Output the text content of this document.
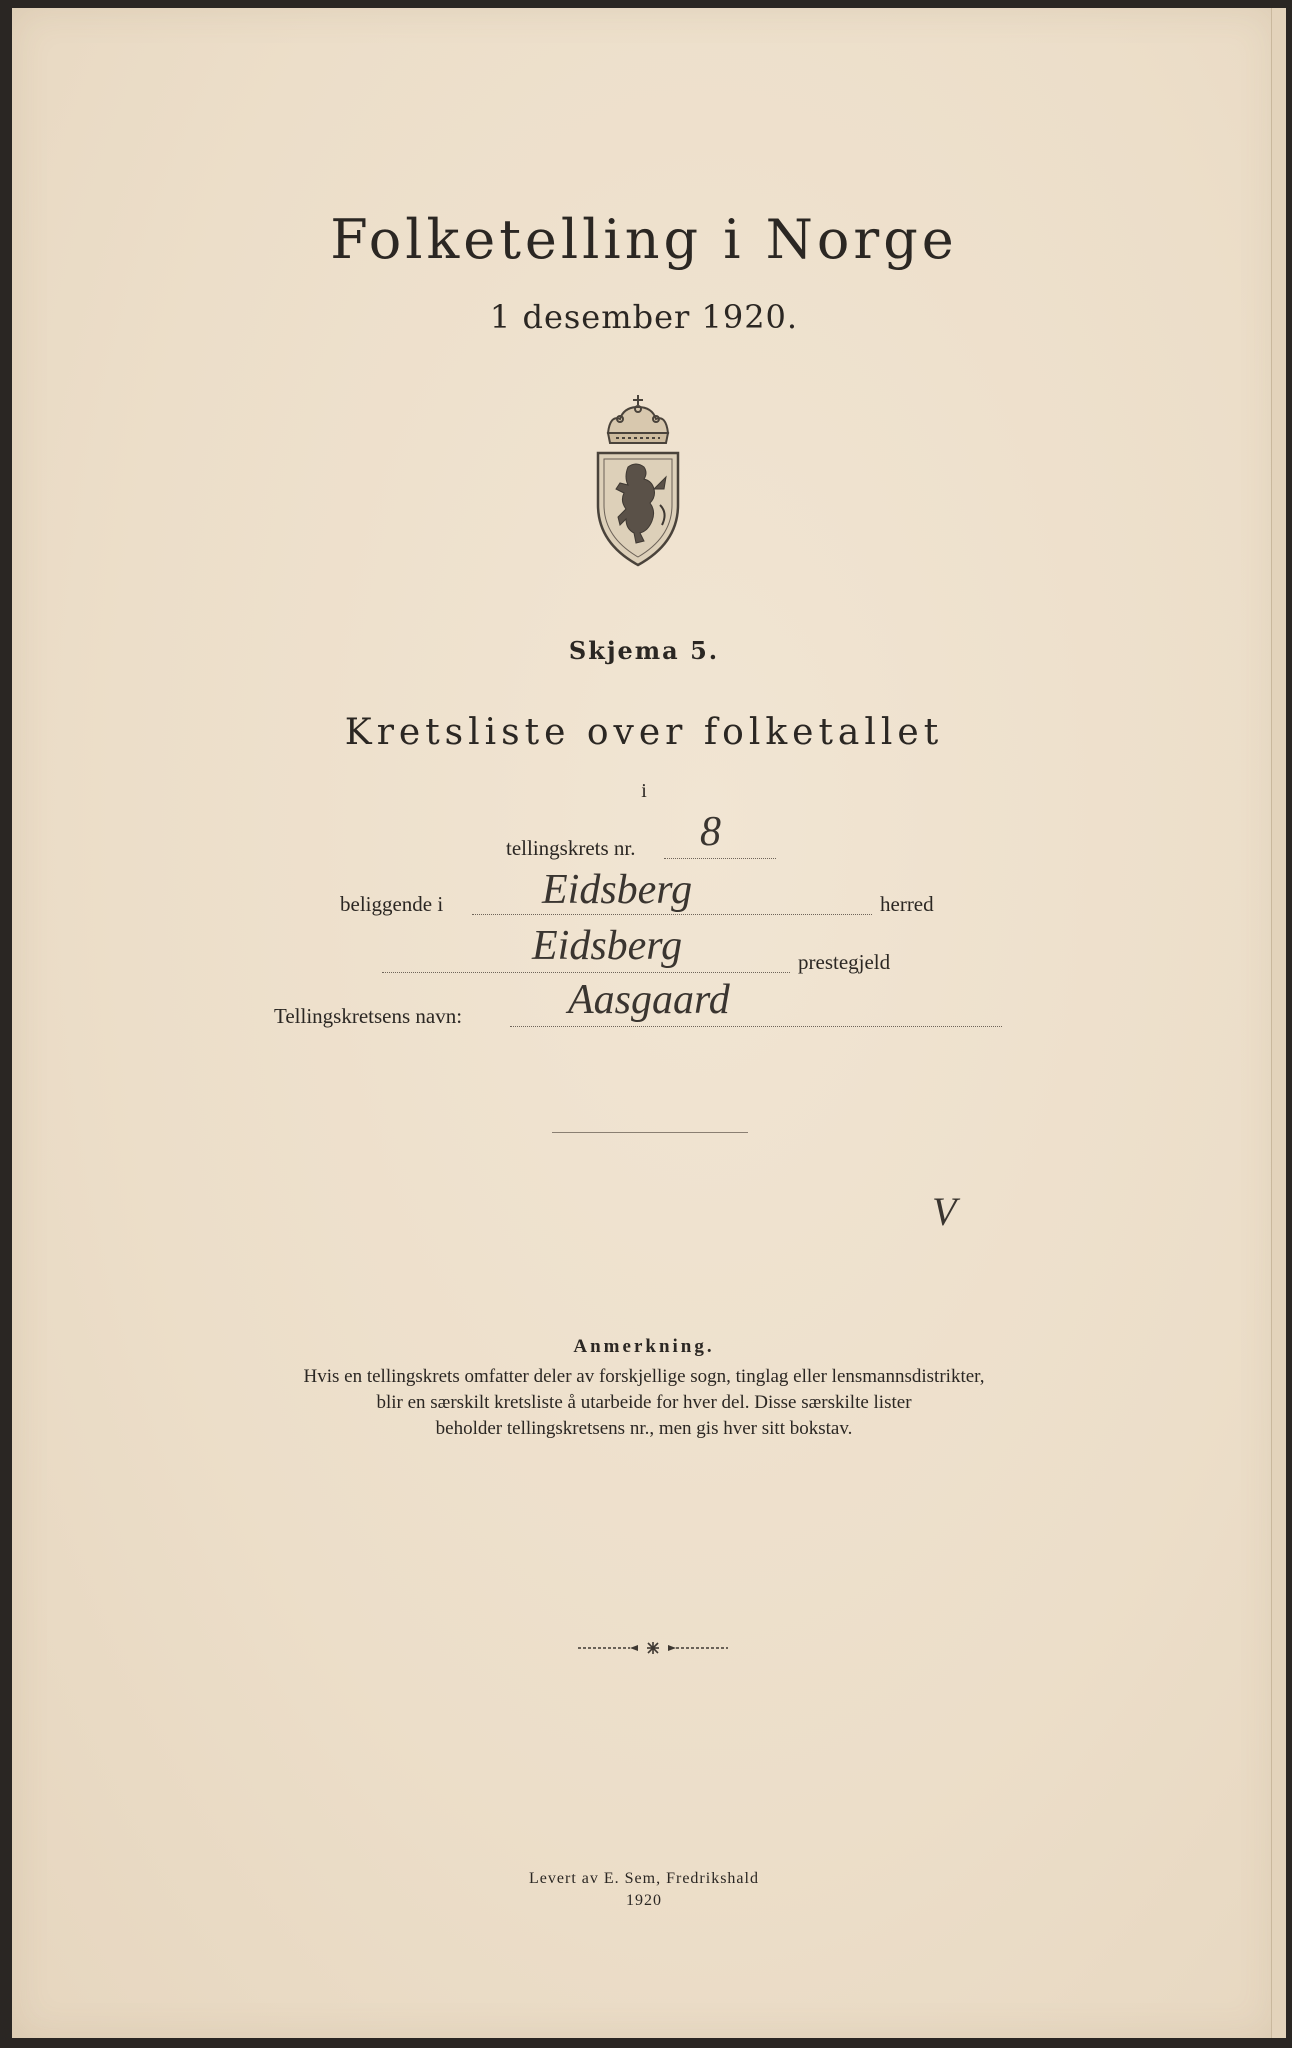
Folketelling i Norge
1 desember 1920.
Skjema 5.
Kretsliste over folketallet
i
tellingskrets nr. 8
beliggende i Eidsberg	herred
Eidsberg	prestegjeld
Tellingskretsens navn:	Aasgaard
V
Anmerkning.
Hvis en tellingskrets omfatter deler av forskjellige sogn, tinglag eller lensmannsdistrikter,
blir en særskilt kretsliste å utarbeide for hver del. Disse særskilte lister
beholder tellingskretsens nr., men gis hver sitt bokstav.
Levert av E. Sem, Fredrikshald
1920
